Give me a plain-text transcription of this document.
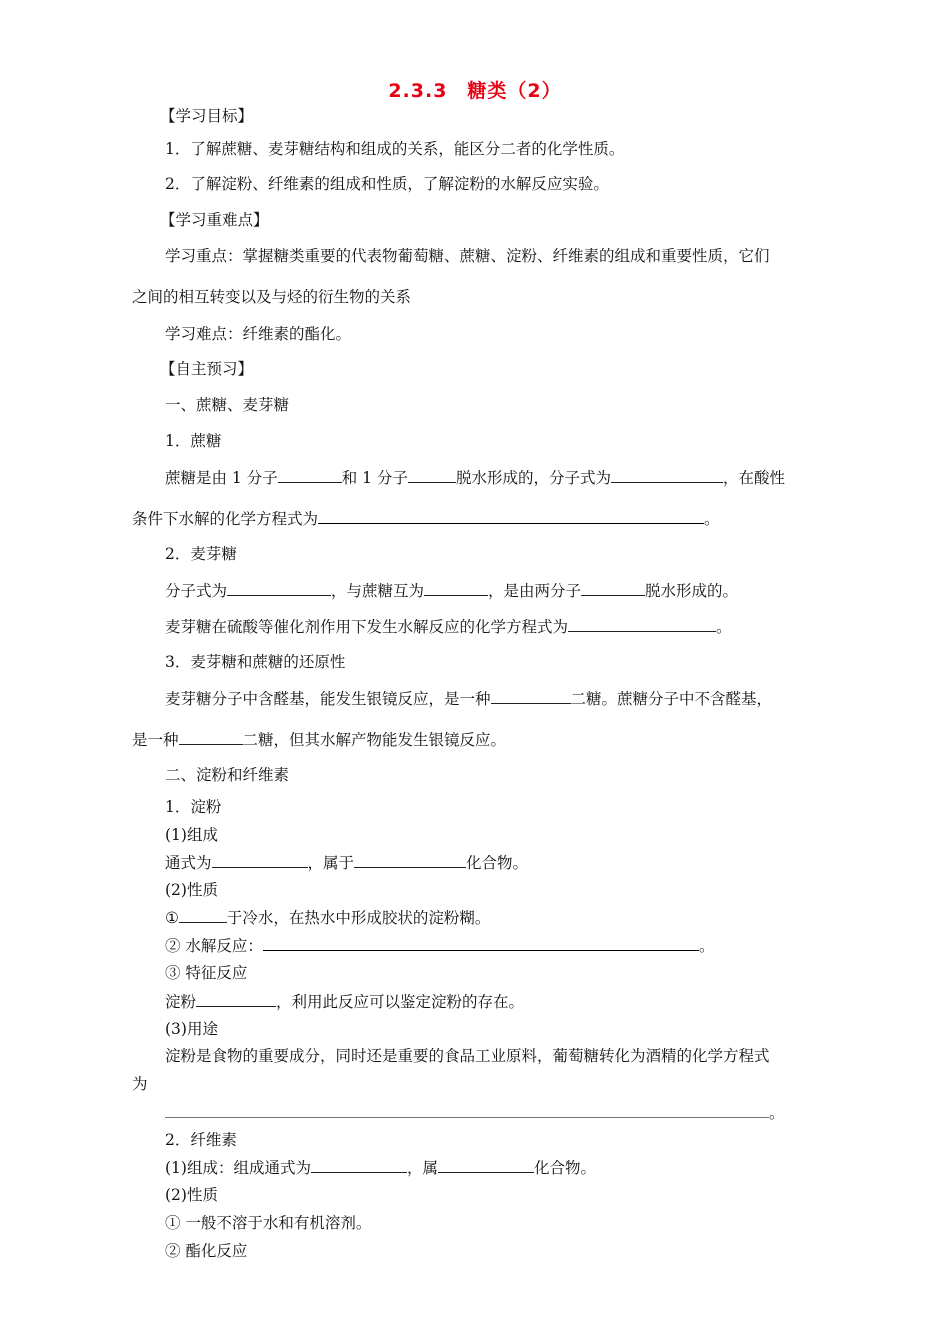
2.3.3　糖类（2）
【学习目标】
1．了解蔗糖、麦芽糖结构和组成的关系，能区分二者的化学性质。
2．了解淀粉、纤维素的组成和性质，了解淀粉的水解反应实验。
【学习重难点】
学习重点：掌握糖类重要的代表物葡萄糖、蔗糖、淀粉、纤维素的组成和重要性质，它们
之间的相互转变以及与烃的衍生物的关系
学习难点：纤维素的酯化。
【自主预习】
一、蔗糖、麦芽糖
1．蔗糖
蔗糖是由 1 分子	和 1 分子	脱水形成的，分子式为	，在酸性
条件下水解的化学方程式为	。
2．麦芽糖
分子式为	，与蔗糖互为	，是由两分子	脱水形成的。
麦芽糖在硫酸等催化剂作用下发生水解反应的化学方程式为	。
3．麦芽糖和蔗糖的还原性
麦芽糖分子中含醛基，能发生银镜反应，是一种	二糖。蔗糖分子中不含醛基，
是一种	二糖，但其水解产物能发生银镜反应。
二、淀粉和纤维素
1．淀粉
(1)组成
通式为	，属于	化合物。
(2)性质
①	于冷水，在热水中形成胶状的淀粉糊。
② 水解反应：	。
③ 特征反应
淀粉	，利用此反应可以鉴定淀粉的存在。
(3)用途
淀粉是食物的重要成分，同时还是重要的食品工业原料，葡萄糖转化为酒精的化学方程式
为
。
2．纤维素
(1)组成：组成通式为	，属	化合物。
(2)性质
① 一般不溶于水和有机溶剂。
② 酯化反应
